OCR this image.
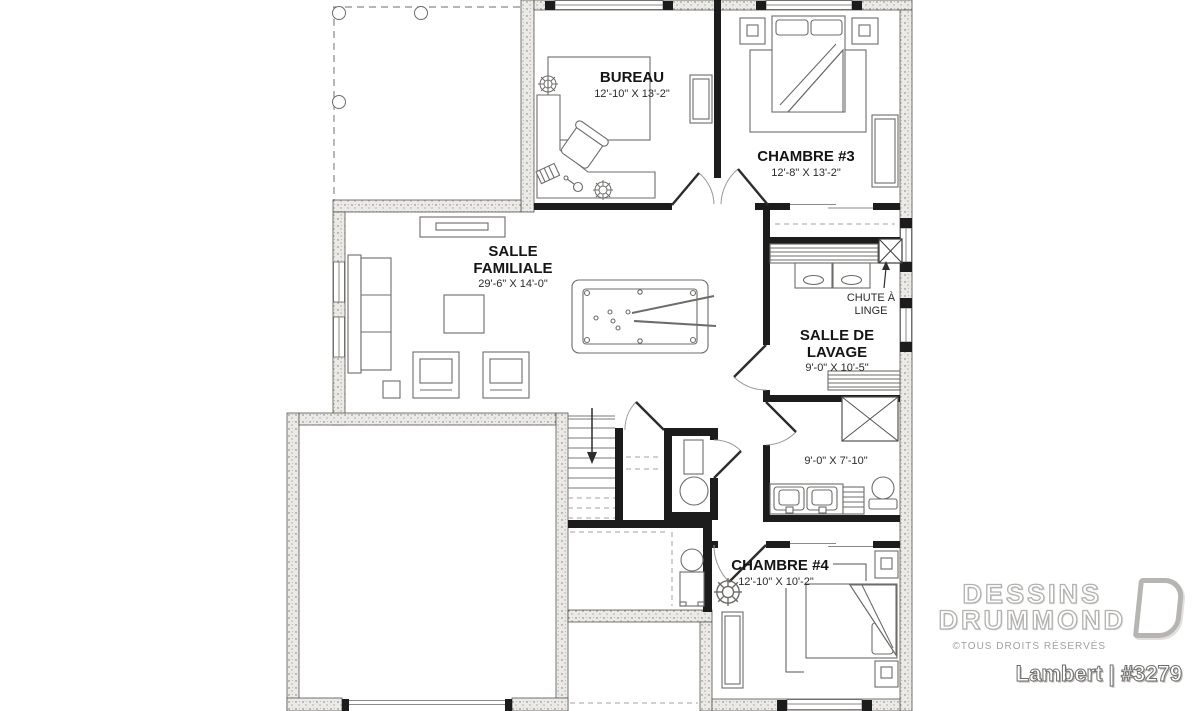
BUREAU
12'-10" X 13'-2"
CHAMBRE #3
12'-8" X 13'-2"
SALLE
FAMILIALE
29'-6" X 14'-0"
CHUTE À
LINGE
SALLE DE
LAVAGE
9'-0" X 10'-5"
9'-0" X 7'-10"
CHAMBRE #4
12'-10" X 10'-2"	DESSINS
DRUMMOND
©TOUS DROITS RÉSERVÉS
Lambert | #3279
